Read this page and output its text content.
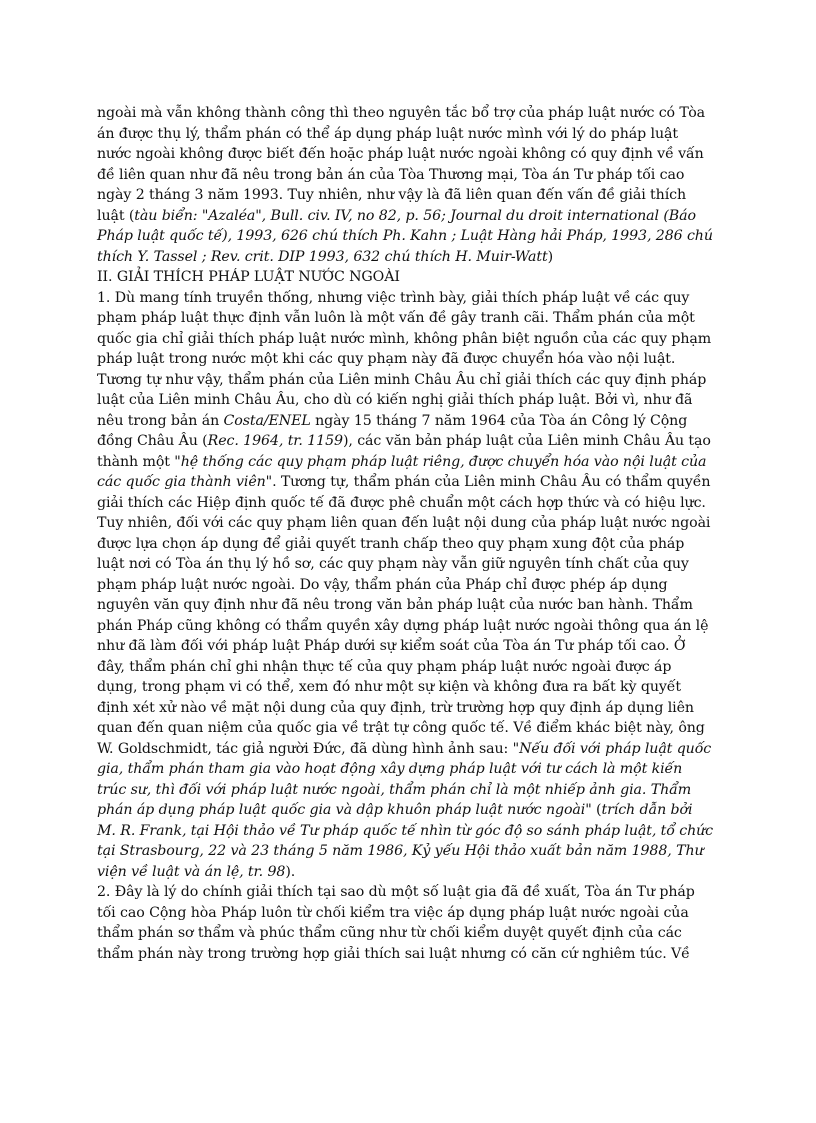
ngoài mà vẫn không thành công thì theo nguyên tắc bổ trợ của pháp luật nước có Tòa án được thụ lý, thẩm phán có thể áp dụng pháp luật nước mình với lý do pháp luật nước ngoài không được biết đến hoặc pháp luật nước ngoài không có quy định về vấn đề liên quan như đã nêu trong bản án của Tòa Thương mại, Tòa án Tư pháp tối cao ngày 2 tháng 3 năm 1993. Tuy nhiên, như vậy là đã liên quan đến vấn đề giải thích luật (tàu biển: "Azaléa", Bull. civ. IV, no 82, p. 56; Journal du droit international (Báo Pháp luật quốc tế), 1993, 626 chú thích Ph. Kahn ; Luật Hàng hải Pháp, 1993, 286 chú thích Y. Tassel ; Rev. crit. DIP 1993, 632 chú thích H. Muir-Watt)

II. GIẢI THÍCH PHÁP LUẬT NƯỚC NGOÀI

1. Dù mang tính truyền thống, nhưng việc trình bày, giải thích pháp luật về các quy phạm pháp luật thực định vẫn luôn là một vấn đề gây tranh cãi. Thẩm phán của một quốc gia chỉ giải thích pháp luật nước mình, không phân biệt nguồn của các quy phạm pháp luật trong nước một khi các quy phạm này đã được chuyển hóa vào nội luật. Tương tự như vậy, thẩm phán của Liên minh Châu Âu chỉ giải thích các quy định pháp luật của Liên minh Châu Âu, cho dù có kiến nghị giải thích pháp luật. Bởi vì, như đã nêu trong bản án Costa/ENEL ngày 15 tháng 7 năm 1964 của Tòa án Công lý Cộng đồng Châu Âu (Rec. 1964, tr. 1159), các văn bản pháp luật của Liên minh Châu Âu tạo thành một "hệ thống các quy phạm pháp luật riêng, được chuyển hóa vào nội luật của các quốc gia thành viên". Tương tự, thẩm phán của Liên minh Châu Âu có thẩm quyền giải thích các Hiệp định quốc tế đã được phê chuẩn một cách hợp thức và có hiệu lực.

Tuy nhiên, đối với các quy phạm liên quan đến luật nội dung của pháp luật nước ngoài được lựa chọn áp dụng để giải quyết tranh chấp theo quy phạm xung đột của pháp luật nơi có Tòa án thụ lý hồ sơ, các quy phạm này vẫn giữ nguyên tính chất của quy phạm pháp luật nước ngoài. Do vậy, thẩm phán của Pháp chỉ được phép áp dụng nguyên văn quy định như đã nêu trong văn bản pháp luật của nước ban hành. Thẩm phán Pháp cũng không có thẩm quyền xây dựng pháp luật nước ngoài thông qua án lệ như đã làm đối với pháp luật Pháp dưới sự kiểm soát của Tòa án Tư pháp tối cao. Ở đây, thẩm phán chỉ ghi nhận thực tế của quy phạm pháp luật nước ngoài được áp dụng, trong phạm vi có thể, xem đó như một sự kiện và không đưa ra bất kỳ quyết định xét xử nào về mặt nội dung của quy định, trừ trường hợp quy định áp dụng liên quan đến quan niệm của quốc gia về trật tự công quốc tế. Về điểm khác biệt này, ông W. Goldschmidt, tác giả người Đức, đã dùng hình ảnh sau: "Nếu đối với pháp luật quốc gia, thẩm phán tham gia vào hoạt động xây dựng pháp luật với tư cách là một kiến trúc sư, thì đối với pháp luật nước ngoài, thẩm phán chỉ là một nhiếp ảnh gia. Thẩm phán áp dụng pháp luật quốc gia và dập khuôn pháp luật nước ngoài" (trích dẫn bởi M. R. Frank, tại Hội thảo về Tư pháp quốc tế nhìn từ góc độ so sánh pháp luật, tổ chức tại Strasbourg, 22 và 23 tháng 5 năm 1986, Kỷ yếu Hội thảo xuất bản năm 1988, Thư viện về luật và án lệ, tr. 98).

2. Đây là lý do chính giải thích tại sao dù một số luật gia đã đề xuất, Tòa án Tư pháp tối cao Cộng hòa Pháp luôn từ chối kiểm tra việc áp dụng pháp luật nước ngoài của thẩm phán sơ thẩm và phúc thẩm cũng như từ chối kiểm duyệt quyết định của các thẩm phán này trong trường hợp giải thích sai luật nhưng có căn cứ nghiêm túc. Về
